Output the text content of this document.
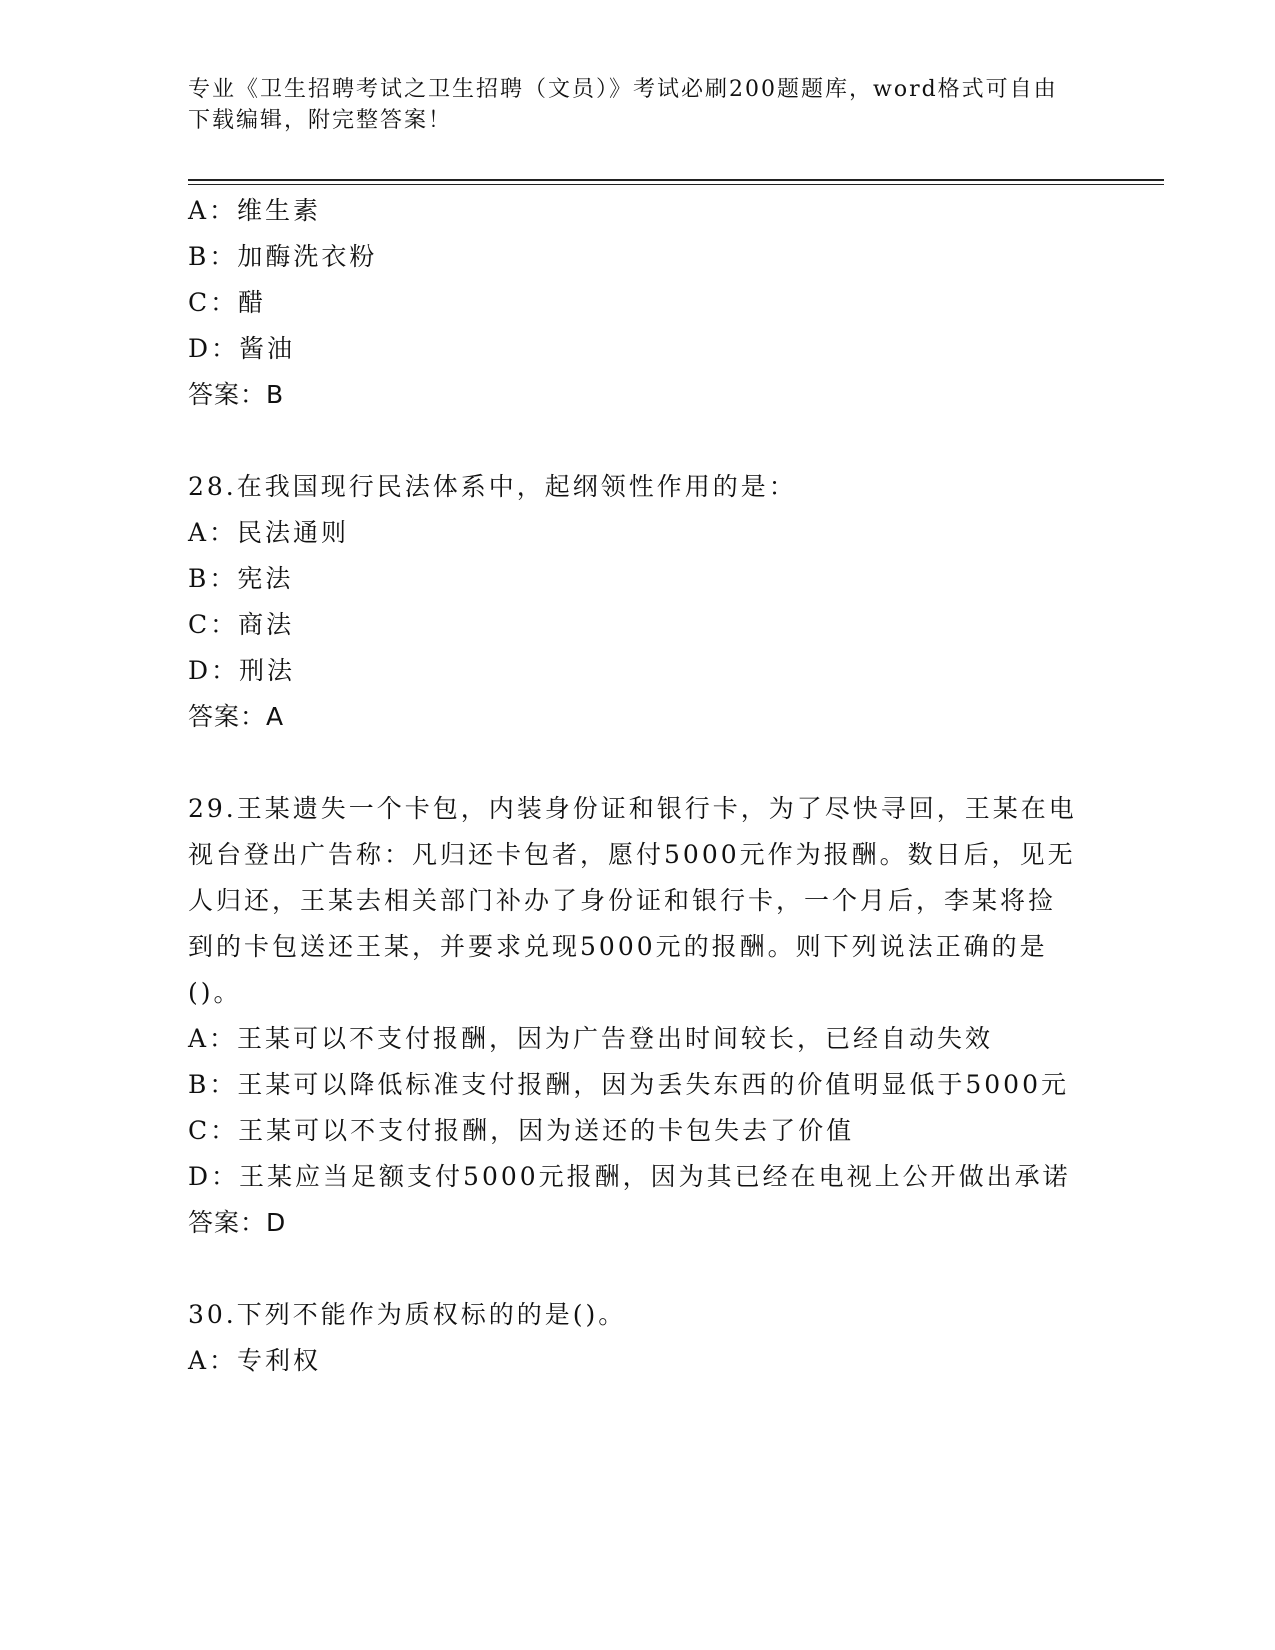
专业《卫生招聘考试之卫生招聘（文员）》考试必刷200题题库，word格式可自由下载编辑，附完整答案！

A：维生素

B：加酶洗衣粉

C：醋

D：酱油

答案：B

28.在我国现行民法体系中，起纲领性作用的是：

A：民法通则

B：宪法

C：商法

D：刑法

答案：A

29.王某遗失一个卡包，内装身份证和银行卡，为了尽快寻回，王某在电视台登出广告称：凡归还卡包者，愿付5000元作为报酬。数日后，见无人归还，王某去相关部门补办了身份证和银行卡，一个月后，李某将捡到的卡包送还王某，并要求兑现5000元的报酬。则下列说法正确的是()。

A：王某可以不支付报酬，因为广告登出时间较长，已经自动失效

B：王某可以降低标准支付报酬，因为丢失东西的价值明显低于5000元

C：王某可以不支付报酬，因为送还的卡包失去了价值

D：王某应当足额支付5000元报酬，因为其已经在电视上公开做出承诺

答案：D

30.下列不能作为质权标的的是()。

A：专利权
